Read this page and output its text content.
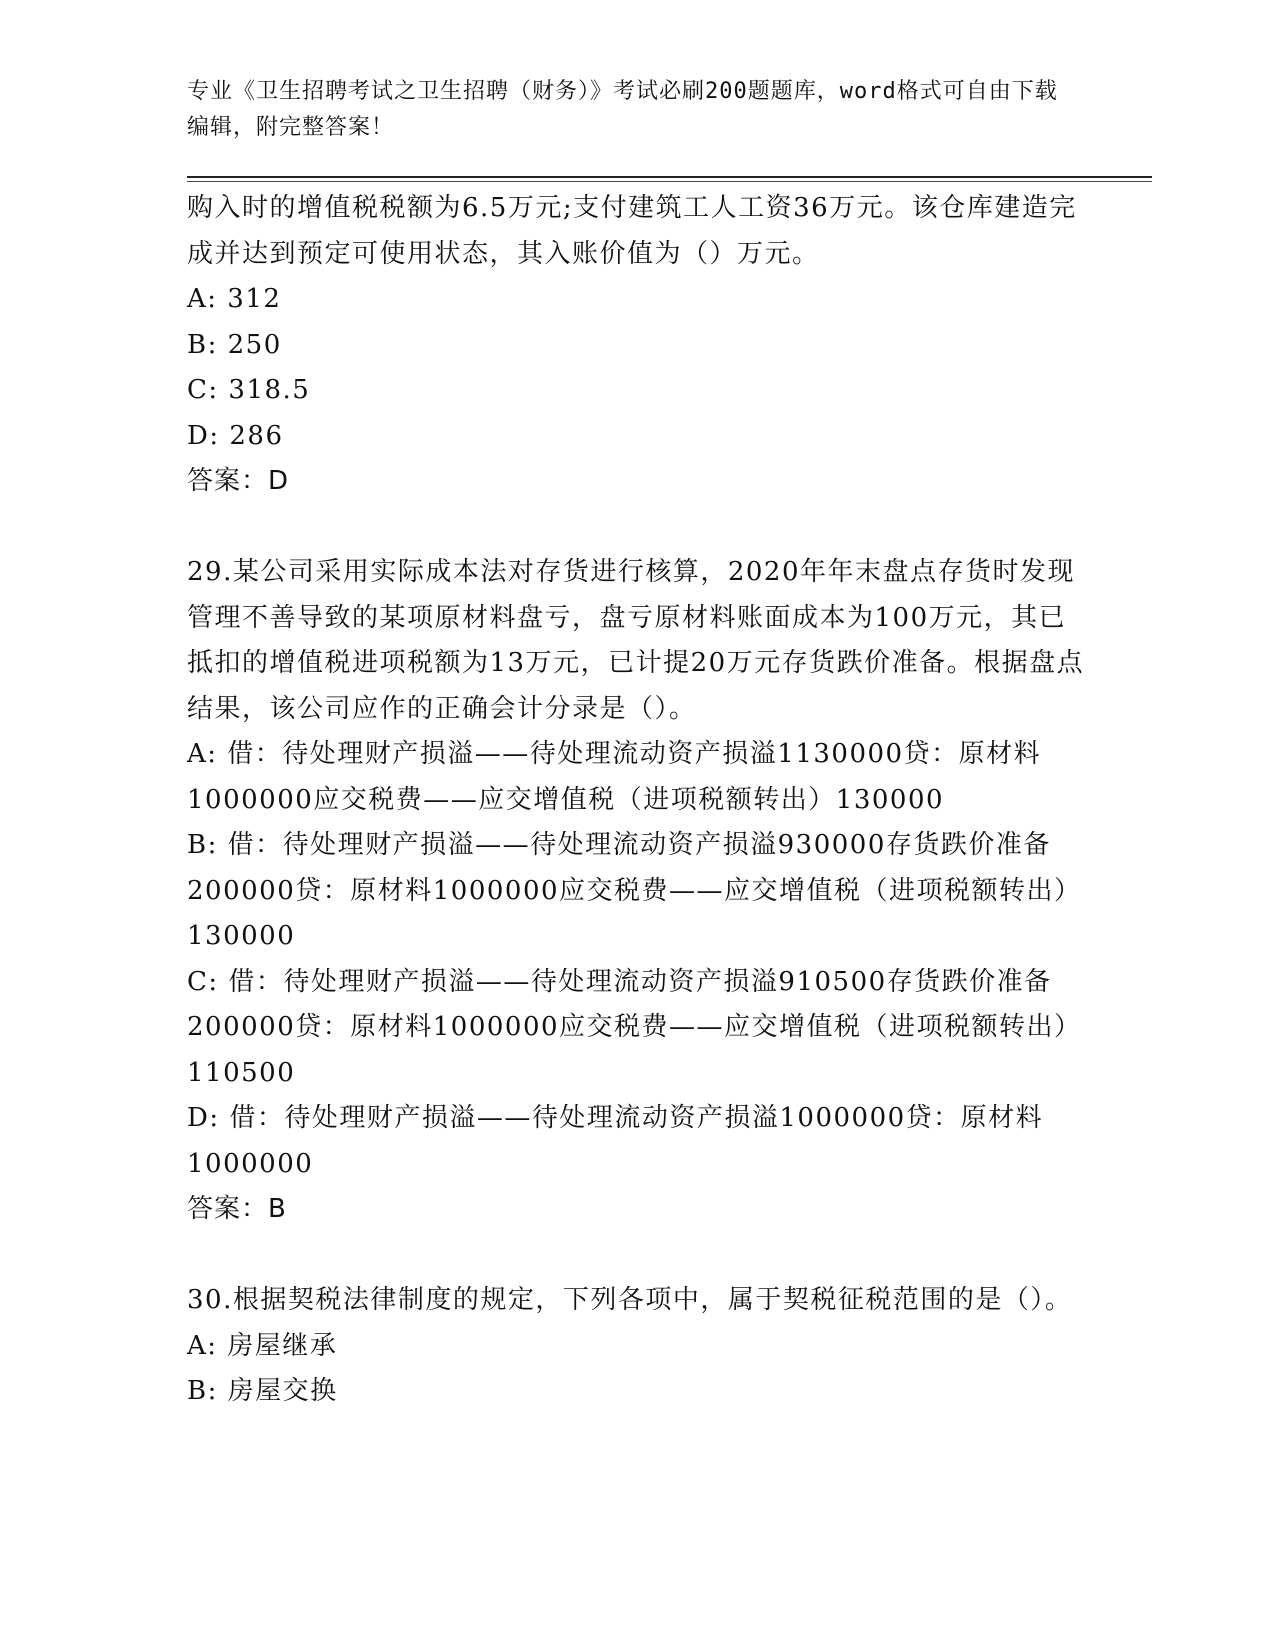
专业《卫生招聘考试之卫生招聘（财务）》考试必刷200题题库，word格式可自由下载编辑，附完整答案！
购入时的增值税税额为6.5万元;支付建筑工人工资36万元。该仓库建造完成并达到预定可使用状态，其入账价值为（）万元。
A: 312
B: 250
C: 318.5
D: 286
答案：D
29.某公司采用实际成本法对存货进行核算，2020年年末盘点存货时发现管理不善导致的某项原材料盘亏，盘亏原材料账面成本为100万元，其已抵扣的增值税进项税额为13万元，已计提20万元存货跌价准备。根据盘点结果，该公司应作的正确会计分录是（）。
A: 借：待处理财产损溢——待处理流动资产损溢1130000贷：原材料1000000应交税费——应交增值税（进项税额转出）130000
B: 借：待处理财产损溢——待处理流动资产损溢930000存货跌价准备200000贷：原材料1000000应交税费——应交增值税（进项税额转出）130000
C: 借：待处理财产损溢——待处理流动资产损溢910500存货跌价准备200000贷：原材料1000000应交税费——应交增值税（进项税额转出）110500
D: 借：待处理财产损溢——待处理流动资产损溢1000000贷：原材料1000000
答案：B
30.根据契税法律制度的规定，下列各项中，属于契税征税范围的是（）。
A: 房屋继承
B: 房屋交换
